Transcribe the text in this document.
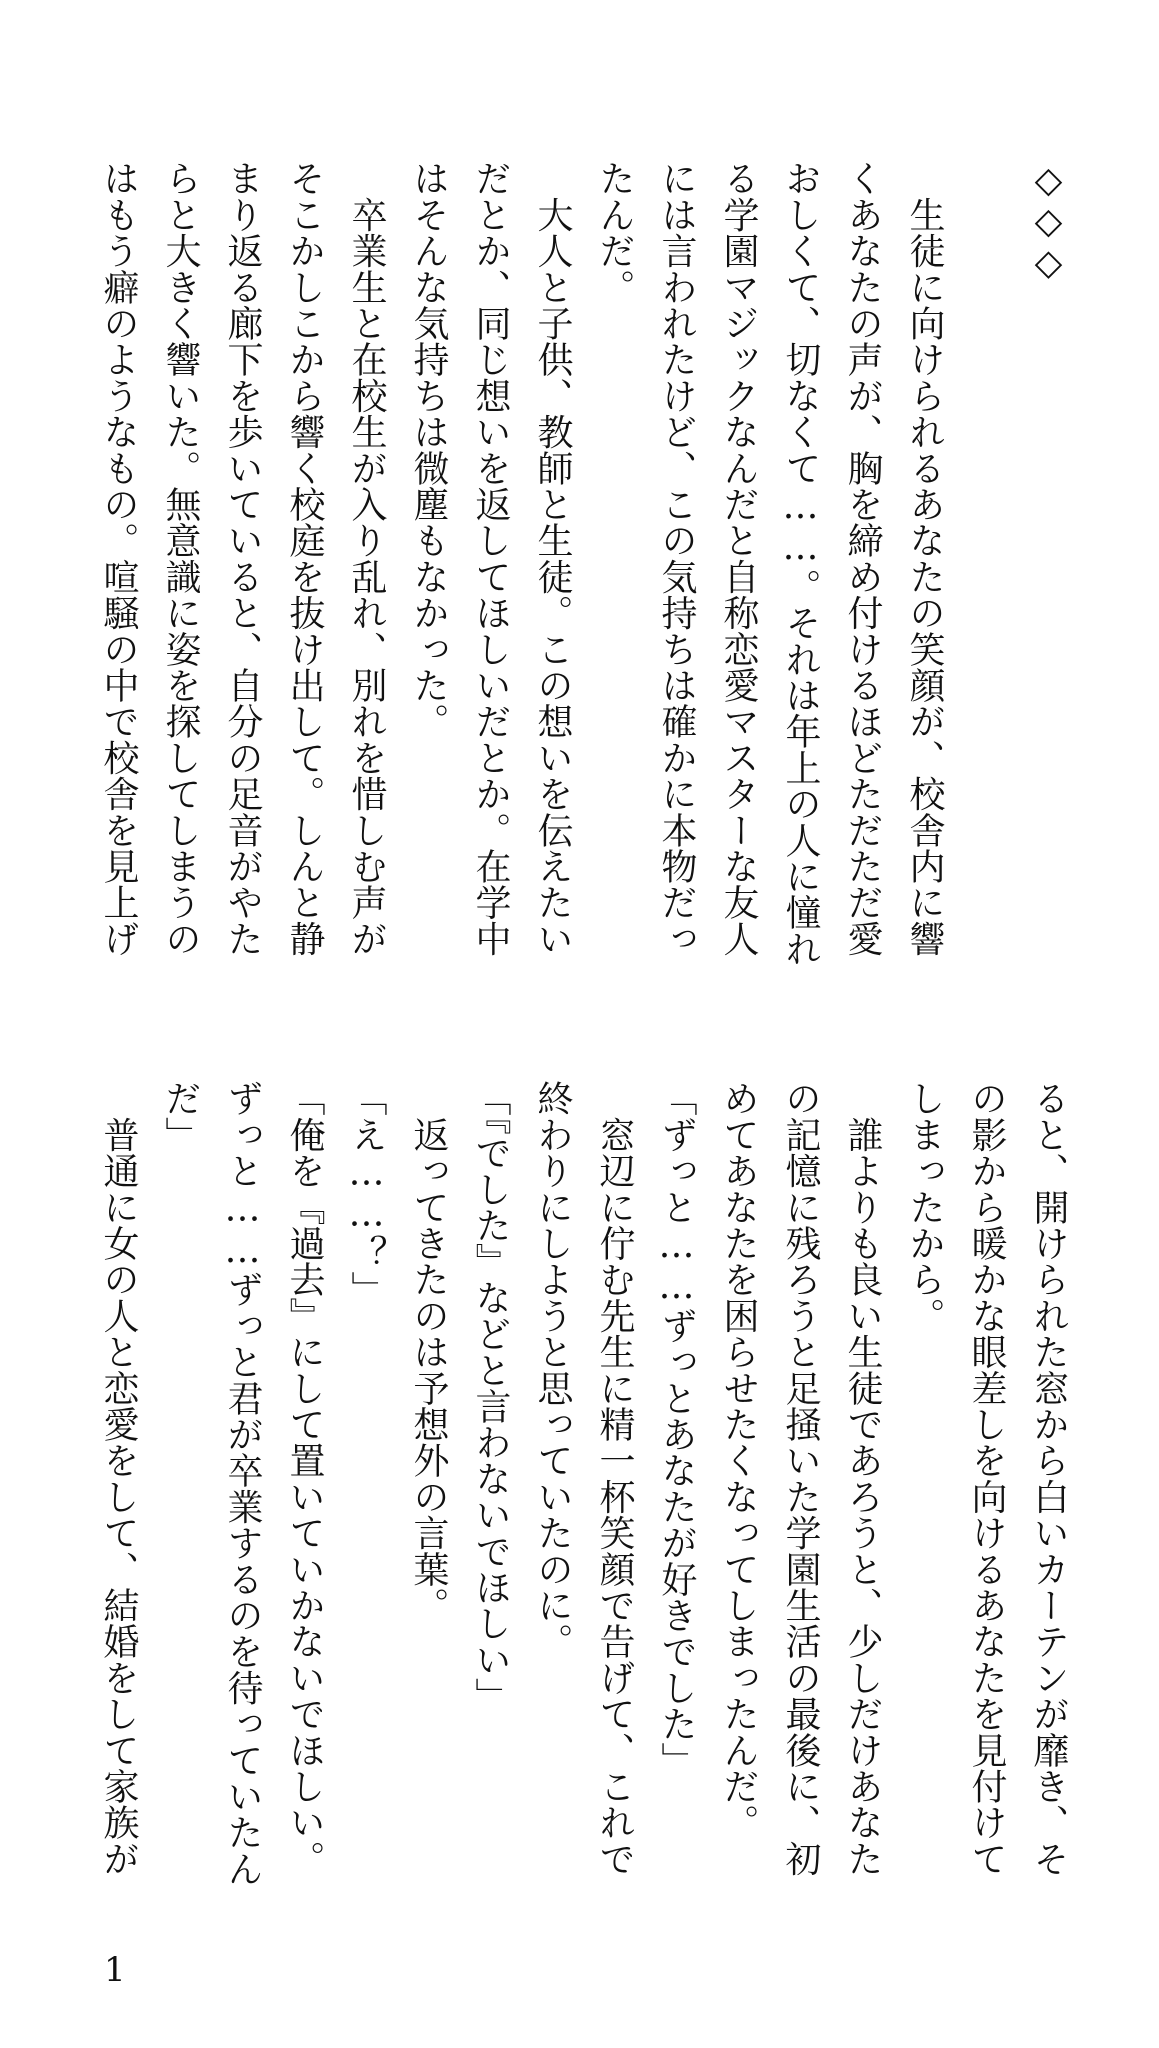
◇◇◇
　生徒に向けられるあなたの笑顔が、校舎内に響
くあなたの声が、胸を締め付けるほどただただ愛
おしくて、切なくて……。それは年上の人に憧れ
る学園マジックなんだと自称恋愛マスターな友人
には言われたけど、この気持ちは確かに本物だっ
たんだ。
　大人と子供、教師と生徒。この想いを伝えたい
だとか、同じ想いを返してほしいだとか。在学中
はそんな気持ちは微塵もなかった。
　卒業生と在校生が入り乱れ、別れを惜しむ声が
そこかしこから響く校庭を抜け出して。しんと静
まり返る廊下を歩いていると、自分の足音がやた
らと大きく響いた。無意識に姿を探してしまうの
はもう癖のようなもの。喧騒の中で校舎を見上げ
ると、開けられた窓から白いカーテンが靡き、そ
の影から暖かな眼差しを向けるあなたを見付けて
しまったから。
　誰よりも良い生徒であろうと、少しだけあなた
の記憶に残ろうと足掻いた学園生活の最後に、初
めてあなたを困らせたくなってしまったんだ。
「ずっと……ずっとあなたが好きでした」
　窓辺に佇む先生に精一杯笑顔で告げて、これで
終わりにしようと思っていたのに。
「『でした』などと言わないでほしい」
　返ってきたのは予想外の言葉。
「え……？」
「俺を『過去』にして置いていかないでほしい。
ずっと……ずっと君が卒業するのを待っていたん
だ」
　普通に女の人と恋愛をして、結婚をして家族が
1
